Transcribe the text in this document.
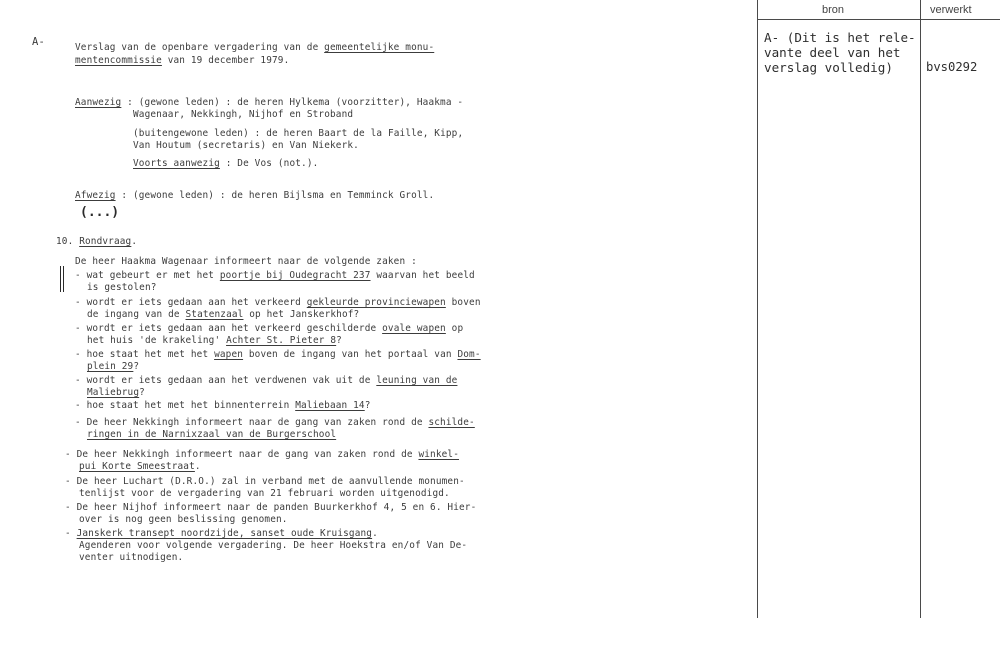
bron	verwerkt
A- (Dit is het rele-
vante deel van het
verslag volledig)	bvs0292
A-	Verslag van de openbare vergadering van de gemeentelijke monu-
mentencommissie van 19 december 1979.
Aanwezig : (gewone leden) : de heren Hylkema (voorzitter), Haakma -
Wagenaar, Nekkingh, Nijhof en Stroband
(buitengewone leden) : de heren Baart de la Faille, Kipp,
Van Houtum (secretaris) en Van Niekerk.
Voorts aanwezig : De Vos (not.).
Afwezig : (gewone leden) : de heren Bijlsma en Temminck Groll.
(...)
10. Rondvraag.
De heer Haakma Wagenaar informeert naar de volgende zaken :
- wat gebeurt er met het poortje bij Oudegracht 237 waarvan het beeld
is gestolen?
- wordt er iets gedaan aan het verkeerd gekleurde provinciewapen boven
de ingang van de Statenzaal op het Janskerkhof?
- wordt er iets gedaan aan het verkeerd geschilderde ovale wapen op
het huis 'de krakeling' Achter St. Pieter 8?
- hoe staat het met het wapen boven de ingang van het portaal van Dom-
plein 29?
- wordt er iets gedaan aan het verdwenen vak uit de leuning van de
Maliebrug?
- hoe staat het met het binnenterrein Maliebaan 14?
- De heer Nekkingh informeert naar de gang van zaken rond de schilde-
ringen in de Narnixzaal van de Burgerschool
- De heer Nekkingh informeert naar de gang van zaken rond de winkel-
pui Korte Smeestraat.
- De heer Luchart (D.R.O.) zal in verband met de aanvullende monumen-
tenlijst voor de vergadering van 21 februari worden uitgenodigd.
- De heer Nijhof informeert naar de panden Buurkerkhof 4, 5 en 6. Hier-
over is nog geen beslissing genomen.
- Janskerk transept noordzijde, sanset oude Kruisgang.
Agenderen voor volgende vergadering. De heer Hoekstra en/of Van De-
venter uitnodigen.
